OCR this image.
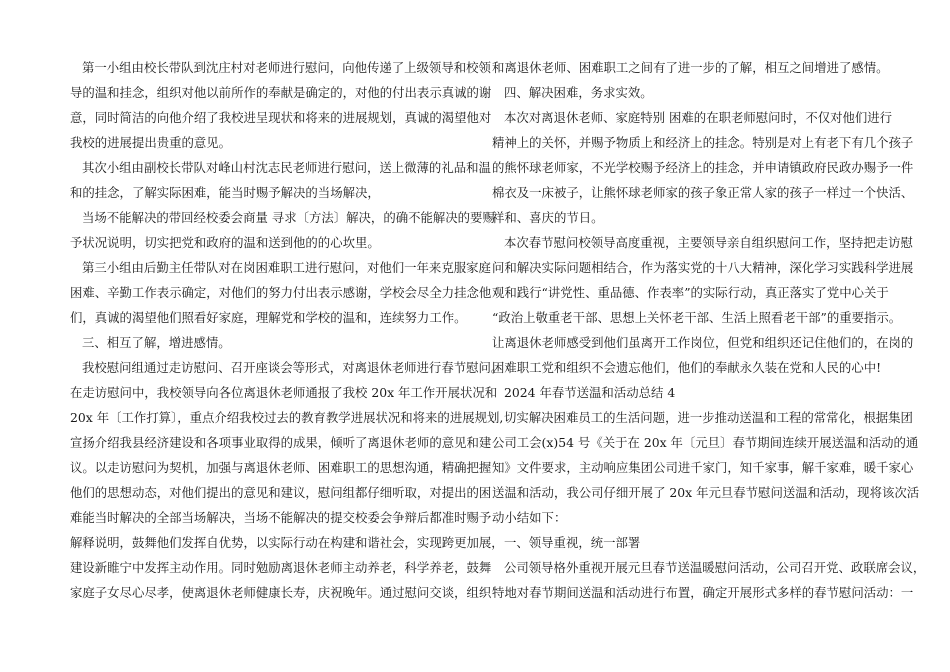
第一小组由校长带队到沈庄村对老师进行慰问，向他传递了上级领导和校领
导的温和挂念，组织对他以前所作的奉献是确定的，对他的付出表示真诚的谢
意，同时简洁的向他介绍了我校进呈现状和将来的进展规划，真诚的渴望他对
我校的进展提出贵重的意见。
其次小组由副校长带队对峰山村沈志民老师进行慰问，送上微薄的礼品和温
和的挂念，了解实际困难，能当时赐予解决的当场解决，
当场不能解决的带回经校委会商量 寻求〔方法〕解决，的确不能解决的要赐
予状况说明，切实把党和政府的温和送到他的的心坎里。
第三小组由后勤主任带队对在岗困难职工进行慰问，对他们一年来克服家庭
困难、辛勤工作表示确定，对他们的努力付出表示感谢，学校会尽全力挂念他
们，真诚的渴望他们照看好家庭，理解党和学校的温和，连续努力工作。
三、相互了解，增进感情。
我校慰问组通过走访慰问、召开座谈会等形式，对离退休老师进行春节慰问。
在走访慰问中，我校领导向各位离退休老师通报了我校 20x 年工作开展状况和
20x 年〔工作打算〕，重点介绍我校过去的教育教学进展状况和将来的进展规划,
宣扬介绍我县经济建设和各项事业取得的成果，倾听了离退休老师的意见和建
议。以走访慰问为契机，加强与离退休老师、困难职工的思想沟通，精确把握
他们的思想动态，对他们提出的意见和建议，慰问组都仔细听取，对提出的困
难能当时解决的全部当场解决，当场不能解决的提交校委会争辩后都准时赐予
解释说明，鼓舞他们发挥自优势，以实际行动在构建和谐社会，实现跨更加展，
建设新睢宁中发挥主动作用。同时勉励离退休老师主动养老，科学养老，鼓舞
家庭子女尽心尽孝，使离退休老师健康长寿，庆祝晚年。通过慰问交谈，组织
和离退休老师、困难职工之间有了进一步的了解，相互之间增进了感情。
四、解决困难，务求实效。
本次对离退休老师、家庭特别 困难的在职老师慰问时，不仅对他们进行
精神上的关怀，并赐予物质上和经济上的挂念。特别是对上有老下有几个孩子
的熊怀球老师家，不光学校赐予经济上的挂念，并申请镇政府民政办赐予一件
棉衣及一床被子，让熊怀球老师家的孩子象正常人家的孩子一样过一个快活、
祥和、喜庆的节日。
本次春节慰问校领导高度重视，主要领导亲自组织慰问工作，坚持把走访慰
问和解决实际问题相结合，作为落实党的十八大精神，深化学习实践科学进展
观和践行“讲党性、重品德、作表率”的实际行动，真正落实了党中心关于
“政治上敬重老干部、思想上关怀老干部、生活上照看老干部”的重要指示。
让离退休老师感受到他们虽离开工作岗位，但党和组织还记住他们的，在岗的
困难职工党和组织不会遗忘他们，他们的奉献永久装在党和人民的心中!
2024 年春节送温和活动总结 4
切实解决困难员工的生活问题，进一步推动送温和工程的常常化，根据集团
公司工会(x)54 号《关于在 20x 年〔元旦〕春节期间连续开展送温和活动的通
知》文件要求，主动响应集团公司进千家门，知千家事，解千家难，暖千家心
送温和活动，我公司仔细开展了 20x 年元旦春节慰问送温和活动，现将该次活
动小结如下：
一、领导重视，统一部署
公司领导格外重视开展元旦春节送温暖慰问活动，公司召开党、政联席会议，
特地对春节期间送温和活动进行布置，确定开展形式多样的春节慰问活动：一
